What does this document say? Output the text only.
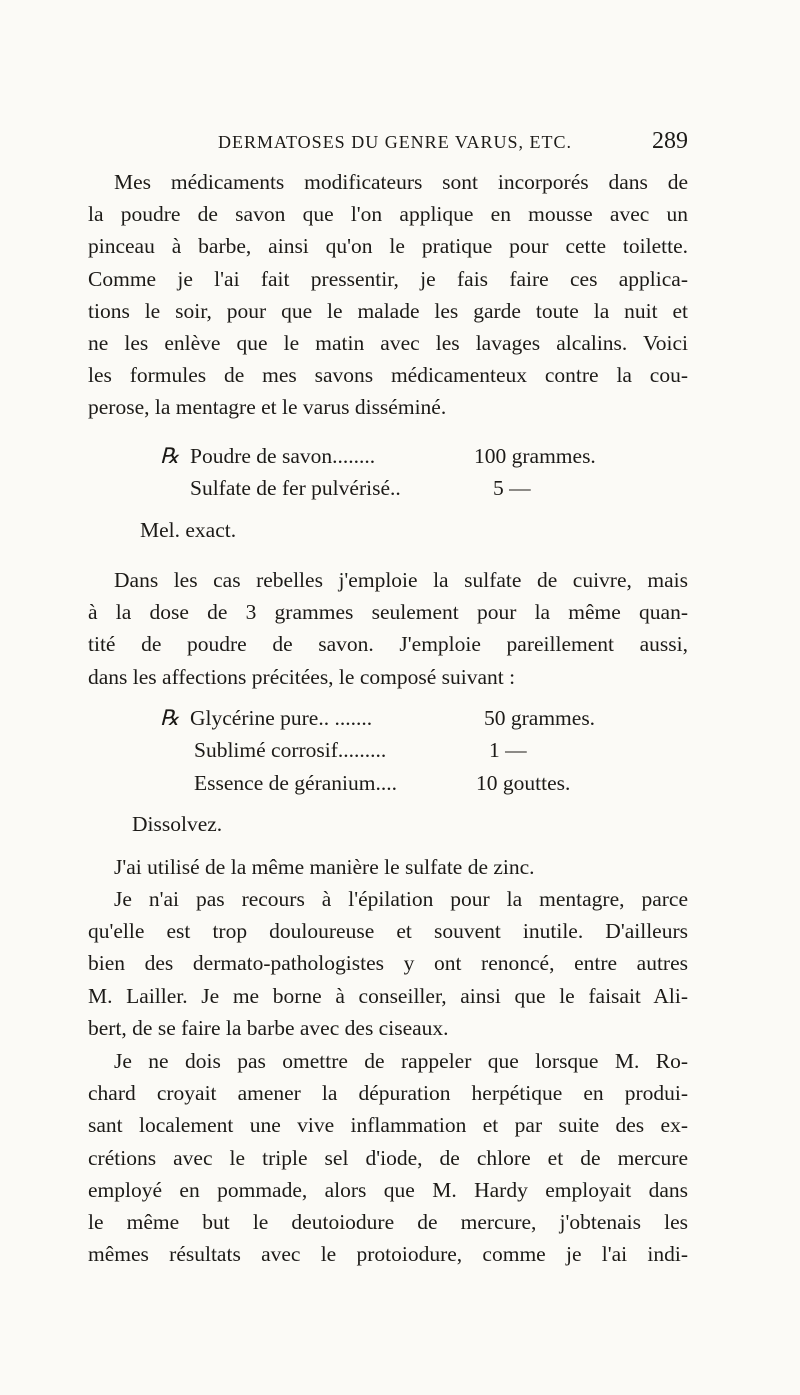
DERMATOSES DU GENRE VARUS, ETC.	289
Mes médicaments modificateurs sont incorporés dans de
la poudre de savon que l'on applique en mousse avec un
pinceau à barbe, ainsi qu'on le pratique pour cette toilette.
Comme je l'ai fait pressentir, je fais faire ces applica-
tions le soir, pour que le malade les garde toute la nuit et
ne les enlève que le matin avec les lavages alcalins. Voici
les formules de mes savons médicamenteux contre la cou-
perose, la mentagre et le varus disséminé.
℞ Poudre de savon........	100 grammes.
Sulfate de fer pulvérisé..	5 —
Mel. exact.
Dans les cas rebelles j'emploie la sulfate de cuivre, mais
à la dose de 3 grammes seulement pour la même quan-
tité de poudre de savon. J'emploie pareillement aussi,
dans les affections précitées, le composé suivant :
℞ Glycérine pure.. .......	50 grammes.
Sublimé corrosif.........	1 —
Essence de géranium....	10 gouttes.
Dissolvez.
J'ai utilisé de la même manière le sulfate de zinc.
Je n'ai pas recours à l'épilation pour la mentagre, parce
qu'elle est trop douloureuse et souvent inutile. D'ailleurs
bien des dermato-pathologistes y ont renoncé, entre autres
M. Lailler. Je me borne à conseiller, ainsi que le faisait Ali-
bert, de se faire la barbe avec des ciseaux.
Je ne dois pas omettre de rappeler que lorsque M. Ro-
chard croyait amener la dépuration herpétique en produi-
sant localement une vive inflammation et par suite des ex-
crétions avec le triple sel d'iode, de chlore et de mercure
employé en pommade, alors que M. Hardy employait dans
le même but le deutoiodure de mercure, j'obtenais les
mêmes résultats avec le protoiodure, comme je l'ai indi-
